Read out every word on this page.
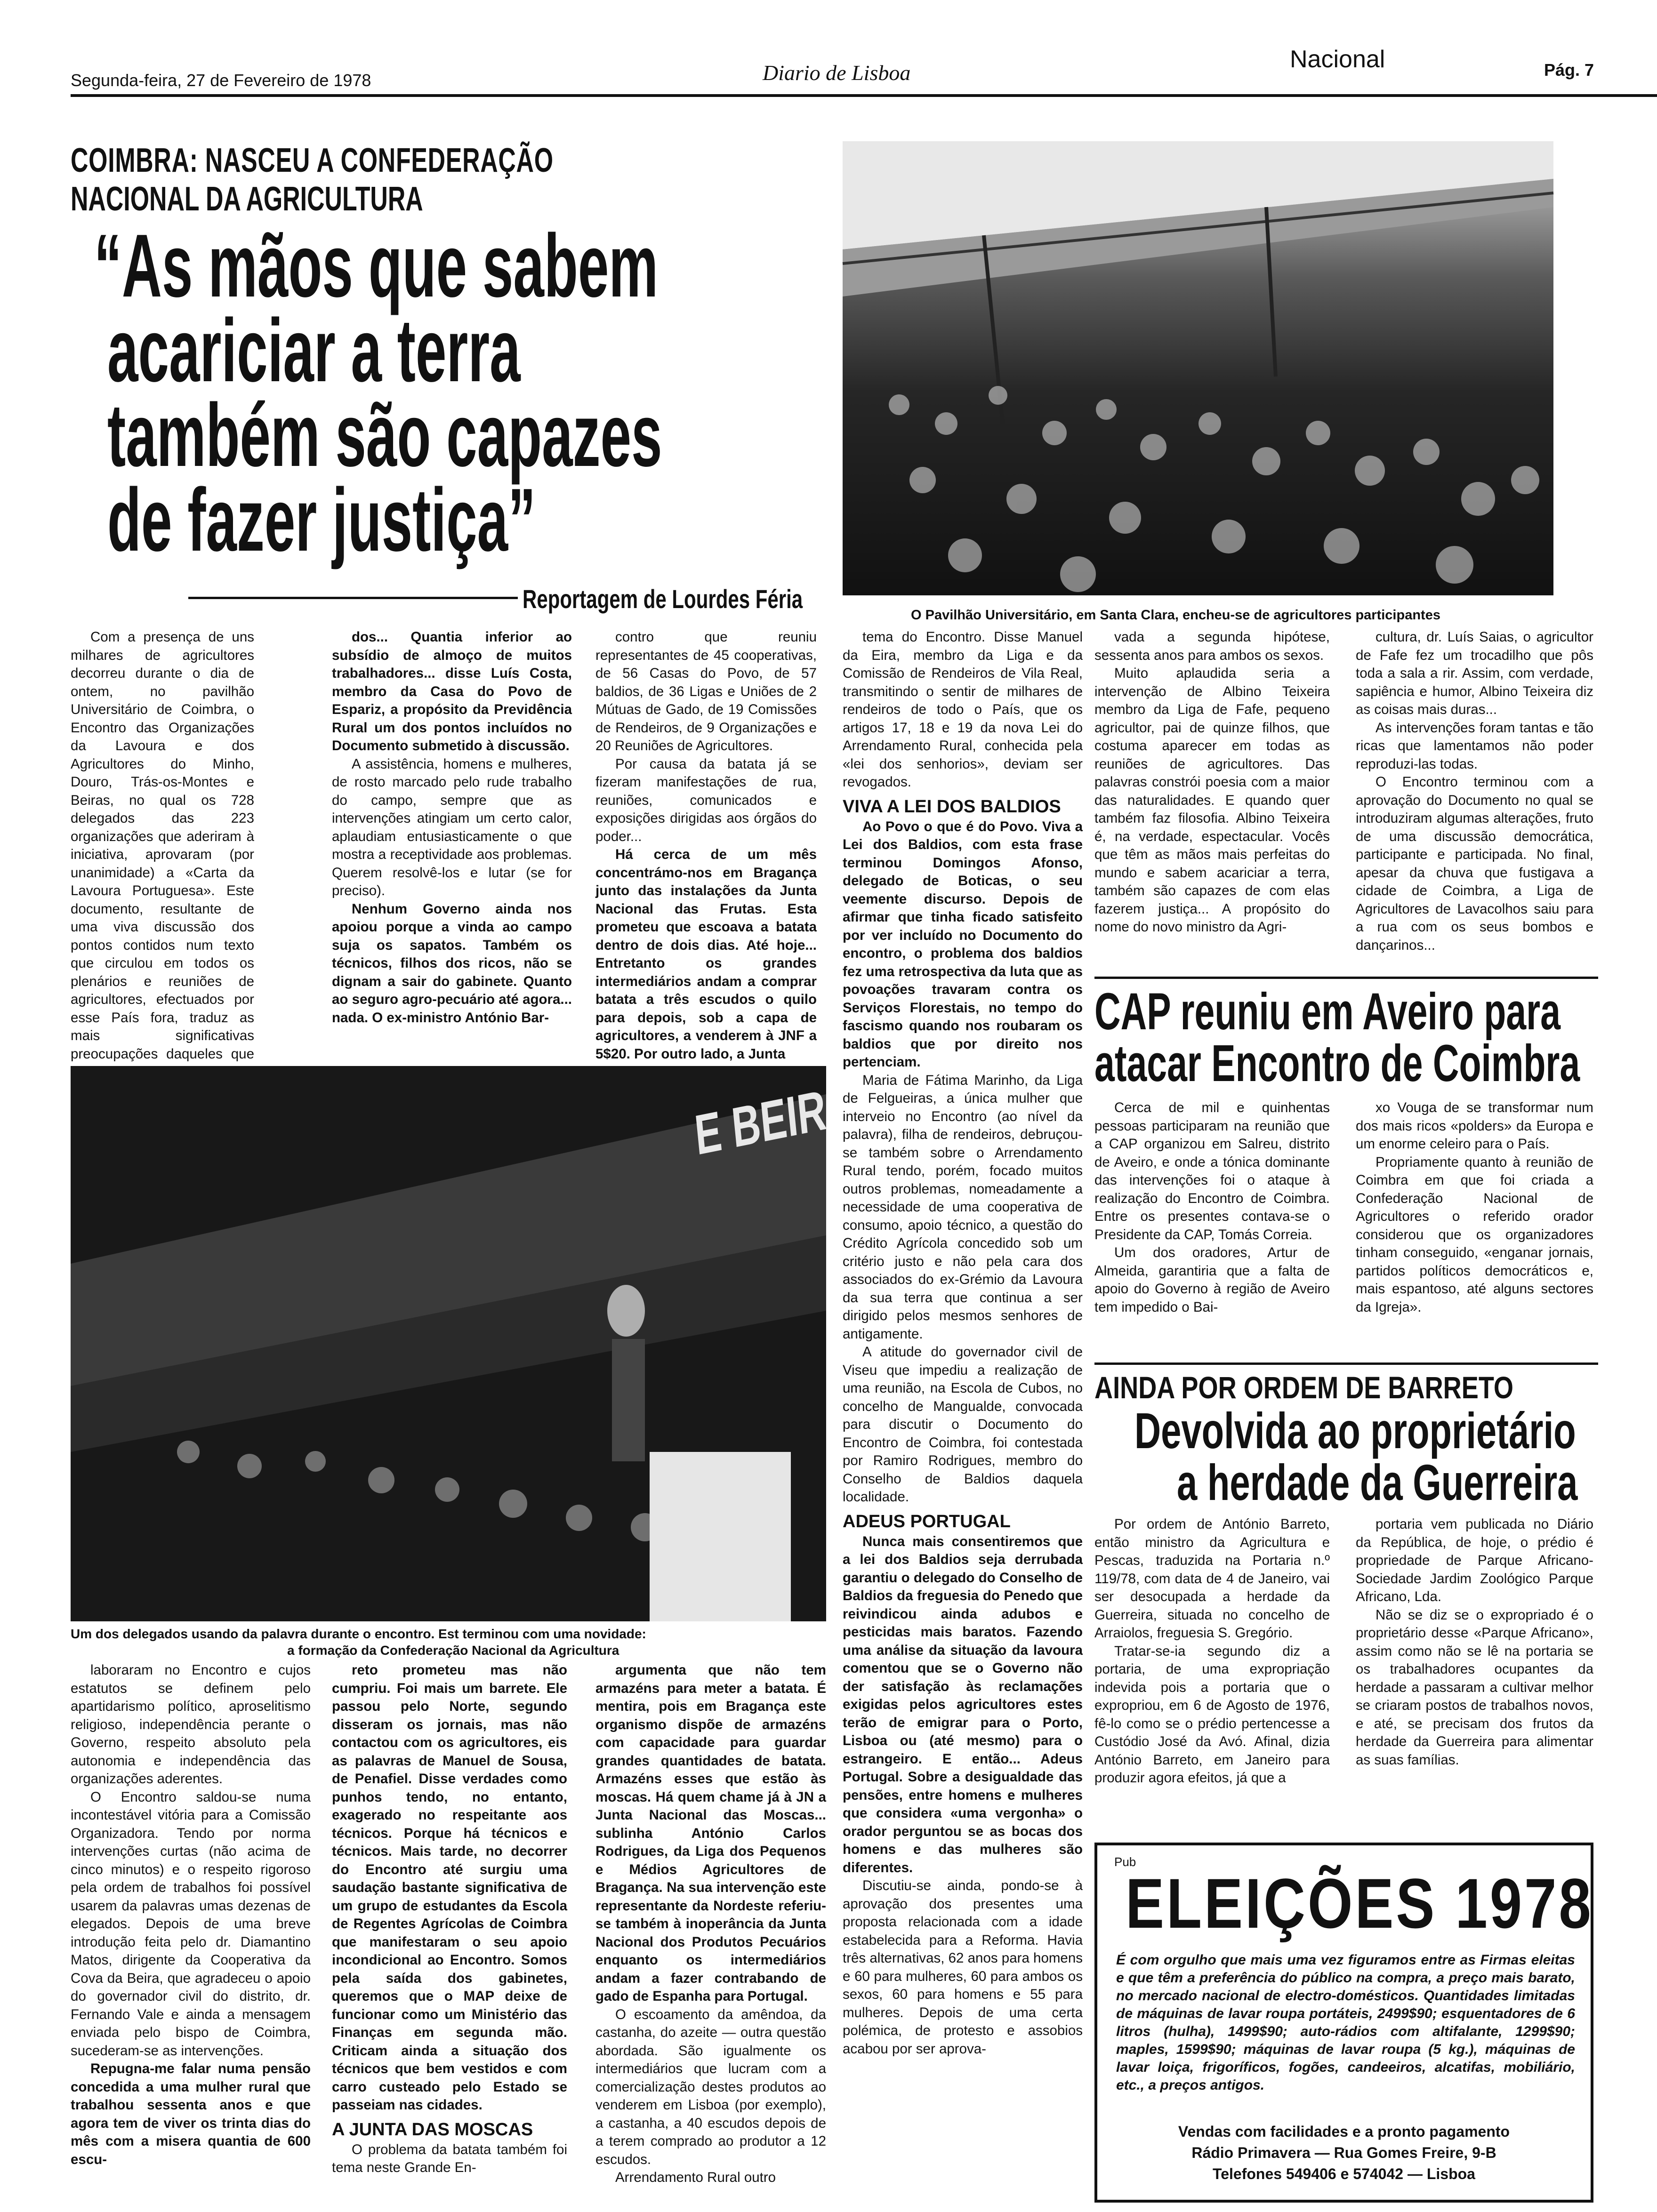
Segunda-feira, 27 de Fevereiro de 1978	Diario de Lisboa	Nacional	Pág. 7
COIMBRA: NASCEU A CONFEDERAÇÃO
NACIONAL DA AGRICULTURA
“As mãos que sabem
acariciar a terra
também são capazes
de fazer justiça”
Reportagem de Lourdes Féria
O Pavilhão Universitário, em Santa Clara, encheu-se de agricultores participantes

Com a presença de uns milhares de agricultores decorreu durante o dia de ontem, no pavilhão Universitário de Coimbra, o Encontro das Organizações da Lavoura e dos Agricultores do Minho, Douro, Trás-os-Montes e Beiras, no qual os 728 delegados das 223 organizações que aderiram à iniciativa, aprovaram (por unanimidade) a «Carta da Lavoura Portuguesa». Este documento, resultante de uma viva discussão dos pontos contidos num texto que circulou em todos os plenários e reuniões de agricultores, efectuados por esse País fora, traduz as mais significativas preocupações daqueles que

dos... Quantia inferior ao subsídio de almoço de muitos trabalhadores... disse Luís Costa, membro da Casa do Povo de Espariz, a propósito da Previdência Rural um dos pontos incluídos no Documento submetido à discussão.

A assistência, homens e mulheres, de rosto marcado pelo rude trabalho do campo, sempre que as intervenções atingiam um certo calor, aplaudiam entusiasticamente o que mostra a receptividade aos problemas. Querem resolvê-los e lutar (se for preciso).

Nenhum Governo ainda nos apoiou porque a vinda ao campo suja os sapatos. Também os técnicos, filhos dos ricos, não se dignam a sair do gabinete. Quanto ao seguro agro-pecuário até agora... nada. O ex-ministro António Bar-

contro que reuniu representantes de 45 cooperativas, de 56 Casas do Povo, de 57 baldios, de 36 Ligas e Uniões de 2 Mútuas de Gado, de 19 Comissões de Rendeiros, de 9 Organizações e 20 Reuniões de Agricultores.

Por causa da batata já se fizeram manifestações de rua, reuniões, comunicados e exposições dirigidas aos órgãos do poder...

Há cerca de um mês concentrámo-nos em Bragança junto das instalações da Junta Nacional das Frutas. Esta prometeu que escoava a batata dentro de dois dias. Até hoje... Entretanto os grandes intermediários andam a comprar batata a três escudos o quilo para depois, sob a capa de agricultores, a venderem à JNF a 5$20. Por outro lado, a Junta

E BEIR
Um dos delegados usando da palavra durante o encontro. Est terminou com uma novidade:
a formação da Confederação Nacional da Agricultura

tema do Encontro. Disse Manuel da Eira, membro da Liga e da Comissão de Rendeiros de Vila Real, transmitindo o sentir de milhares de rendeiros de todo o País, que os artigos 17, 18 e 19 da nova Lei do Arrendamento Rural, conhecida pela «lei dos senhorios», deviam ser revogados.

VIVA A LEI DOS BALDIOS

Ao Povo o que é do Povo. Viva a Lei dos Baldios, com esta frase terminou Domingos Afonso, delegado de Boticas, o seu veemente discurso. Depois de afirmar que tinha ficado satisfeito por ver incluído no Documento do encontro, o problema dos baldios fez uma retrospectiva da luta que as povoações travaram contra os Serviços Florestais, no tempo do fascismo quando nos roubaram os baldios que por direito nos pertenciam.

Maria de Fátima Marinho, da Liga de Felgueiras, a única mulher que interveio no Encontro (ao nível da palavra), filha de rendeiros, debruçou-se também sobre o Arrendamento Rural tendo, porém, focado muitos outros problemas, nomeadamente a necessidade de uma cooperativa de consumo, apoio técnico, a questão do Crédito Agrícola concedido sob um critério justo e não pela cara dos associados do ex-Grémio da Lavoura da sua terra que continua a ser dirigido pelos mesmos senhores de antigamente.

A atitude do governador civil de Viseu que impediu a realização de uma reunião, na Escola de Cubos, no concelho de Mangualde, convocada para discutir o Documento do Encontro de Coimbra, foi contestada por Ramiro Rodrigues, membro do Conselho de Baldios daquela localidade.

ADEUS PORTUGAL

Nunca mais consentiremos que a lei dos Baldios seja derrubada garantiu o delegado do Conselho de Baldios da freguesia do Penedo que reivindicou ainda adubos e pesticidas mais baratos. Fazendo uma análise da situação da lavoura comentou que se o Governo não der satisfação às reclamações exigidas pelos agricultores estes terão de emigrar para o Porto, Lisboa ou (até mesmo) para o estrangeiro. E então... Adeus Portugal. Sobre a desigualdade das pensões, entre homens e mulheres que considera «uma vergonha» o orador perguntou se as bocas dos homens e das mulheres são diferentes.

Discutiu-se ainda, pondo-se à aprovação dos presentes uma proposta relacionada com a idade estabelecida para a Reforma. Havia três alternativas, 62 anos para homens e 60 para mulheres, 60 para ambos os sexos, 60 para homens e 55 para mulheres. Depois de uma certa polémica, de protesto e assobios acabou por ser aprova-

vada a segunda hipótese, sessenta anos para ambos os sexos.

Muito aplaudida seria a intervenção de Albino Teixeira membro da Liga de Fafe, pequeno agricultor, pai de quinze filhos, que costuma aparecer em todas as reuniões de agricultores. Das palavras constrói poesia com a maior das naturalidades. E quando quer também faz filosofia. Albino Teixeira é, na verdade, espectacular. Vocês que têm as mãos mais perfeitas do mundo e sabem acariciar a terra, também são capazes de com elas fazerem justiça... A propósito do nome do novo ministro da Agri-

cultura, dr. Luís Saias, o agricultor de Fafe fez um trocadilho que pôs toda a sala a rir. Assim, com verdade, sapiência e humor, Albino Teixeira diz as coisas mais duras...

As intervenções foram tantas e tão ricas que lamentamos não poder reproduzi-las todas.

O Encontro terminou com a aprovação do Documento no qual se introduziram algumas alterações, fruto de uma discussão democrática, participante e participada. No final, apesar da chuva que fustigava a cidade de Coimbra, a Liga de Agricultores de Lavacolhos saiu para a rua com os seus bombos e dançarinos...

laboraram no Encontro e cujos estatutos se definem pelo apartidarismo político, aproselitismo religioso, independência perante o Governo, respeito absoluto pela autonomia e independência das organizações aderentes.

O Encontro saldou-se numa incontestável vitória para a Comissão Organizadora. Tendo por norma intervenções curtas (não acima de cinco minutos) e o respeito rigoroso pela ordem de trabalhos foi possível usarem da palavras umas dezenas de elegados. Depois de uma breve introdução feita pelo dr. Diamantino Matos, dirigente da Cooperativa da Cova da Beira, que agradeceu o apoio do governador civil do distrito, dr. Fernando Vale e ainda a mensagem enviada pelo bispo de Coimbra, sucederam-se as intervenções.

Repugna-me falar numa pensão concedida a uma mulher rural que trabalhou sessenta anos e que agora tem de viver os trinta dias do mês com a misera quantia de 600 escu-

reto prometeu mas não cumpriu. Foi mais um barrete. Ele passou pelo Norte, segundo disseram os jornais, mas não contactou com os agricultores, eis as palavras de Manuel de Sousa, de Penafiel. Disse verdades como punhos tendo, no entanto, exagerado no respeitante aos técnicos. Porque há técnicos e técnicos. Mais tarde, no decorrer do Encontro até surgiu uma saudação bastante significativa de um grupo de estudantes da Escola de Regentes Agrícolas de Coimbra que manifestaram o seu apoio incondicional ao Encontro. Somos pela saída dos gabinetes, queremos que o MAP deixe de funcionar como um Ministério das Finanças em segunda mão. Criticam ainda a situação dos técnicos que bem vestidos e com carro custeado pelo Estado se passeiam nas cidades.

A JUNTA DAS MOSCAS

O problema da batata também foi tema neste Grande En-

argumenta que não tem armazéns para meter a batata. É mentira, pois em Bragança este organismo dispõe de armazéns com capacidade para guardar grandes quantidades de batata. Armazéns esses que estão às moscas. Há quem chame já à JN a Junta Nacional das Moscas... sublinha António Carlos Rodrigues, da Liga dos Pequenos e Médios Agricultores de Bragança. Na sua intervenção este representante da Nordeste referiu-se também à inoperância da Junta Nacional dos Produtos Pecuários enquanto os intermediários andam a fazer contrabando de gado de Espanha para Portugal.

O escoamento da amêndoa, da castanha, do azeite — outra questão abordada. São igualmente os intermediários que lucram com a comercialização destes produtos ao venderem em Lisboa (por exemplo), a castanha, a 40 escudos depois de a terem comprado ao produtor a 12 escudos.

Arrendamento Rural outro

CAP reuniu em Aveiro para
atacar Encontro de Coimbra

Cerca de mil e quinhentas pessoas participaram na reunião que a CAP organizou em Salreu, distrito de Aveiro, e onde a tónica dominante das intervenções foi o ataque à realização do Encontro de Coimbra. Entre os presentes contava-se o Presidente da CAP, Tomás Correia.

Um dos oradores, Artur de Almeida, garantiria que a falta de apoio do Governo à região de Aveiro tem impedido o Bai-

xo Vouga de se transformar num dos mais ricos «polders» da Europa e um enorme celeiro para o País.

Propriamente quanto à reunião de Coimbra em que foi criada a Confederação Nacional de Agricultores o referido orador considerou que os organizadores tinham conseguido, «enganar jornais, partidos políticos democráticos e, mais espantoso, até alguns sectores da Igreja».

AINDA POR ORDEM DE BARRETO
Devolvida ao proprietário
a herdade da Guerreira

Por ordem de António Barreto, então ministro da Agricultura e Pescas, traduzida na Portaria n.º 119/78, com data de 4 de Janeiro, vai ser desocupada a herdade da Guerreira, situada no concelho de Arraiolos, freguesia S. Gregório.

Tratar-se-ia segundo diz a portaria, de uma expropriação indevida pois a portaria que o expropriou, em 6 de Agosto de 1976, fê-lo como se o prédio pertencesse a Custódio José da Avó. Afinal, dizia António Barreto, em Janeiro para produzir agora efeitos, já que a

portaria vem publicada no Diário da República, de hoje, o prédio é propriedade de Parque Africano-Sociedade Jardim Zoológico Parque Africano, Lda.

Não se diz se o expropriado é o proprietário desse «Parque Africano», assim como não se lê na portaria se os trabalhadores ocupantes da herdade a passaram a cultivar melhor se criaram postos de trabalhos novos, e até, se precisam dos frutos da herdade da Guerreira para alimentar as suas famílias.

Pub
ELEIÇÕES 1978
É com orgulho que mais uma vez figuramos entre as Firmas eleitas e que têm a preferência do público na compra, a preço mais barato, no mercado nacional de electro-domésticos. Quantidades limitadas de máquinas de lavar roupa portáteis, 2499$90; esquentadores de 6 litros (hulha), 1499$90; auto-rádios com altifalante, 1299$90; maples, 1599$90; máquinas de lavar roupa (5 kg.), máquinas de lavar loiça, frigoríficos, fogões, candeeiros, alcatifas, mobiliário, etc., a preços antigos.
Vendas com facilidades e a pronto pagamento
Rádio Primavera — Rua Gomes Freire, 9-B
Telefones 549406 e 574042 — Lisboa
